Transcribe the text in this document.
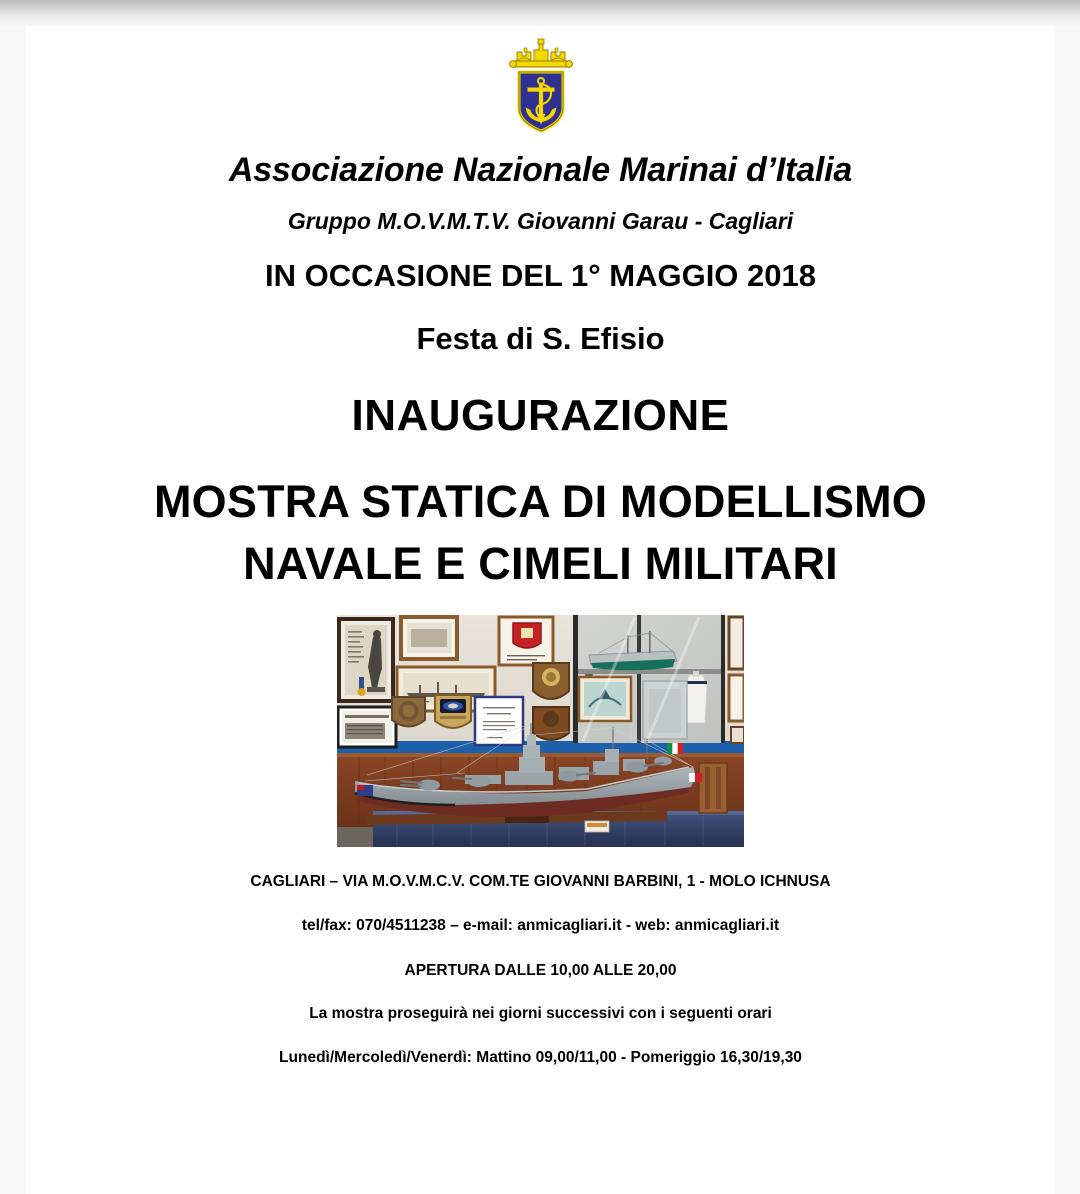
Associazione Nazionale Marinai d’Italia
Gruppo M.O.V.M.T.V. Giovanni Garau - Cagliari
IN OCCASIONE DEL 1° MAGGIO 2018
Festa di S. Efisio
INAUGURAZIONE
MOSTRA STATICA DI MODELLISMO
NAVALE E CIMELI MILITARI
CAGLIARI – VIA M.O.V.M.C.V. COM.TE GIOVANNI BARBINI, 1 - MOLO ICHNUSA
tel/fax: 070/4511238 – e-mail: anmicagliari.it - web: anmicagliari.it
APERTURA DALLE 10,00 ALLE 20,00
La mostra proseguirà nei giorni successivi con i seguenti orari
Lunedì/Mercoledì/Venerdì: Mattino 09,00/11,00 - Pomeriggio 16,30/19,30
